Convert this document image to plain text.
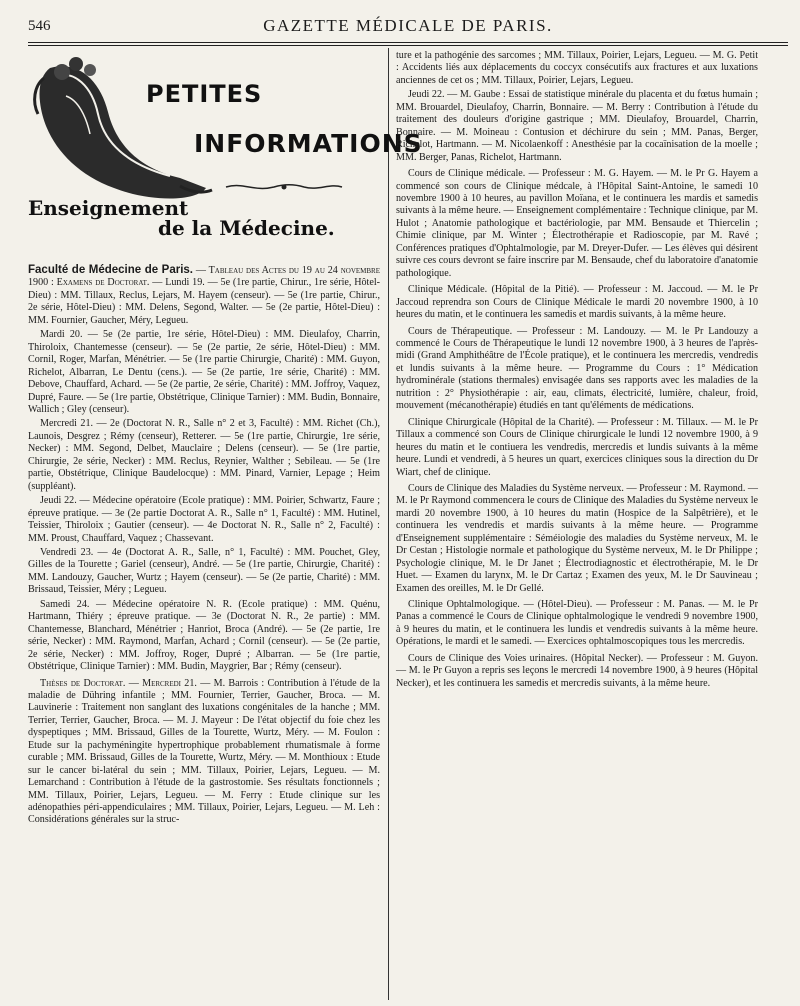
546	GAZETTE MÉDICALE DE PARIS.
PETITES
INFORMATIONS
Enseignement
de la Médecine.

Faculté de Médecine de Paris. — Tableau des Actes du 19 au 24 novembre 1900 : Examens de Doctorat. — Lundi 19. — 5e (1re partie, Chirur., 1re série, Hôtel-Dieu) : MM. Tillaux, Reclus, Lejars, M. Hayem (censeur). — 5e (1re partie, Chirur., 2e série, Hôtel-Dieu) : MM. Delens, Segond, Walter. — 5e (2e partie, Hôtel-Dieu) : MM. Fournier, Gaucher, Méry, Legueu.

Mardi 20. — 5e (2e partie, 1re série, Hôtel-Dieu) : MM. Dieulafoy, Charrin, Thiroloix, Chantemesse (censeur). — 5e (2e partie, 2e série, Hôtel-Dieu) : MM. Cornil, Roger, Marfan, Ménétrier. — 5e (1re partie Chirurgie, Charité) : MM. Guyon, Richelot, Albarran, Le Dentu (cens.). — 5e (2e partie, 1re série, Charité) : MM. Debove, Chauffard, Achard. — 5e (2e partie, 2e série, Charité) : MM. Joffroy, Vaquez, Dupré, Faure. — 5e (1re partie, Obstétrique, Clinique Tarnier) : MM. Budin, Bonnaire, Wallich ; Gley (censeur).

Mercredi 21. — 2e (Doctorat N. R., Salle n° 2 et 3, Faculté) : MM. Richet (Ch.), Launois, Desgrez ; Rémy (censeur), Retterer. — 5e (1re partie, Chirurgie, 1re série, Necker) : MM. Segond, Delbet, Mauclaire ; Delens (censeur). — 5e (1re partie, Chirurgie, 2e série, Necker) : MM. Reclus, Reynier, Walther ; Sebileau. — 5e (1re partie, Obstétrique, Clinique Baudelocque) : MM. Pinard, Varnier, Lepage ; Heim (suppléant).

Jeudi 22. — Médecine opératoire (Ecole pratique) : MM. Poirier, Schwartz, Faure ; épreuve pratique. — 3e (2e partie Doctorat A. R., Salle n° 1, Faculté) : MM. Hutinel, Teissier, Thiroloix ; Gautier (censeur). — 4e Doctorat N. R., Salle n° 2, Faculté) : MM. Proust, Chauffard, Vaquez ; Chassevant.

Vendredi 23. — 4e (Doctorat A. R., Salle, n° 1, Faculté) : MM. Pouchet, Gley, Gilles de la Tourette ; Gariel (censeur), André. — 5e (1re partie, Chirurgie, Charité) : MM. Landouzy, Gaucher, Wurtz ; Hayem (censeur). — 5e (2e partie, Charité) : MM. Brissaud, Teissier, Méry ; Legueu.

Samedi 24. — Médecine opératoire N. R. (Ecole pratique) : MM. Quénu, Hartmann, Thiéry ; épreuve pratique. — 3e (Doctorat N. R., 2e partie) : MM. Chantemesse, Blanchard, Ménétrier ; Hanriot, Broca (André). — 5e (2e partie, 1re série, Necker) : MM. Raymond, Marfan, Achard ; Cornil (censeur). — 5e (2e partie, 2e série, Necker) : MM. Joffroy, Roger, Dupré ; Albarran. — 5e (1re partie, Obstétrique, Clinique Tarnier) : MM. Budin, Maygrier, Bar ; Rémy (censeur).

Thèses de Doctorat. — Mercredi 21. — M. Barrois : Contribution à l'étude de la maladie de Dühring infantile ; MM. Fournier, Terrier, Gaucher, Broca. — M. Lauvinerie : Traitement non sanglant des luxations congénitales de la hanche ; MM. Terrier, Terrier, Gaucher, Broca. — M. J. Mayeur : De l'état objectif du foie chez les dyspeptiques ; MM. Brissaud, Gilles de la Tourette, Wurtz, Méry. — M. Foulon : Etude sur la pachyméningite hypertrophique probablement rhumatismale à forme curable ; MM. Brissaud, Gilles de la Tourette, Wurtz, Méry. — M. Monthioux : Etude sur le cancer bi-latéral du sein ; MM. Tillaux, Poirier, Lejars, Legueu. — M. Lemarchand : Contribution à l'étude de la gastrostomie. Ses résultats fonctionnels ; MM. Tillaux, Poirier, Lejars, Legueu. — M. Ferry : Etude clinique sur les adénopathies péri-appendiculaires ; MM. Tillaux, Poirier, Lejars, Legueu. — M. Leh : Considérations générales sur la struc-

ture et la pathogénie des sarcomes ; MM. Tillaux, Poirier, Lejars, Legueu. — M. G. Petit : Accidents liés aux déplacements du coccyx consécutifs aux fractures et aux luxations anciennes de cet os ; MM. Tillaux, Poirier, Lejars, Legueu.

Jeudi 22. — M. Gaube : Essai de statistique minérale du placenta et du fœtus humain ; MM. Brouardel, Dieulafoy, Charrin, Bonnaire. — M. Berry : Contribution à l'étude du traitement des douleurs d'origine gastrique ; MM. Dieulafoy, Brouardel, Charrin, Bonnaire. — M. Moineau : Contusion et déchirure du sein ; MM. Panas, Berger, Richelot, Hartmann. — M. Nicolaenkoff : Anesthésie par la cocaïnisation de la moelle ; MM. Berger, Panas, Richelot, Hartmann.

Cours de Clinique médicale. — Professeur : M. G. Hayem. — M. le Pr G. Hayem a commencé son cours de Clinique médcale, à l'Hôpital Saint-Antoine, le samedi 10 novembre 1900 à 10 heures, au pavillon Moïana, et le continuera les mardis et samedis suivants à la même heure. — Enseignement complémentaire : Technique clinique, par M. Hulot ; Anatomie pathologique et bactériologie, par MM. Bensaude et Thiercelin ; Chimie clinique, par M. Winter ; Électrothérapie et Radioscopie, par M. Ravé ; Conférences pratiques d'Ophtalmologie, par M. Dreyer-Dufer. — Les élèves qui désirent suivre ces cours devront se faire inscrire par M. Bensaude, chef du laboratoire d'anatomie pathologique.

Clinique Médicale. (Hôpital de la Pitié). — Professeur : M. Jaccoud. — M. le Pr Jaccoud reprendra son Cours de Clinique Médicale le mardi 20 novembre 1900, à 10 heures du matin, et le continuera les samedis et mardis suivants, à la même heure.

Cours de Thérapeutique. — Professeur : M. Landouzy. — M. le Pr Landouzy a commencé le Cours de Thérapeutique le lundi 12 novembre 1900, à 3 heures de l'après-midi (Grand Amphithéâtre de l'École pratique), et le continuera les mercredis, vendredis et lundis suivants à la même heure. — Programme du Cours : 1° Médication hydrominérale (stations thermales) envisagée dans ses rapports avec les maladies de la nutrition : 2° Physiothérapie : air, eau, climats, électricité, lumière, chaleur, froid, mouvement (mécanothérapie) étudiés en tant qu'éléments de médications.

Clinique Chirurgicale (Hôpital de la Charité). — Professeur : M. Tillaux. — M. le Pr Tillaux a commencé son Cours de Clinique chirurgicale le lundi 12 novembre 1900, à 9 heures du matin et le contiuera les vendredis, mercredis et lundis suivants à la même heure. Lundi et vendredi, à 5 heures un quart, exercices cliniques sous la direction du Dr Wiart, chef de clinique.

Cours de Clinique des Maladies du Système nerveux. — Professeur : M. Raymond. — M. le Pr Raymond commencera le cours de Clinique des Maladies du Système nerveux le mardi 20 novembre 1900, à 10 heures du matin (Hospice de la Salpêtrière), et le continuera les vendredis et mardis suivants à la même heure. — Programme d'Enseignement supplémentaire : Séméiologie des maladies du Système nerveux, M. le Dr Cestan ; Histologie normale et pathologique du Système nerveux, M. le Dr Philippe ; Psychologie clinique, M. le Dr Janet ; Électrodiagnostic et électrothérapie, M. le Dr Huet. — Examen du larynx, M. le Dr Cartaz ; Examen des yeux, M. le Dr Sauvineau ; Examen des oreilles, M. le Dr Gellé.

Clinique Ophtalmologique. — (Hôtel-Dieu). — Professeur : M. Panas. — M. le Pr Panas a commencé le Cours de Clinique ophtalmologique le vendredi 9 novembre 1900, à 9 heures du matin, et le continuera les lundis et vendredis suivants à la même heure. Opérations, le mardi et le samedi. — Exercices ophtalmoscopiques tous les mercredis.

Cours de Clinique des Voies urinaires. (Hôpital Necker). — Professeur : M. Guyon. — M. le Pr Guyon a repris ses leçons le mercredi 14 novembre 1900, à 9 heures (Hôpital Necker), et les continuera les samedis et mercredis suivants, à la même heure.
